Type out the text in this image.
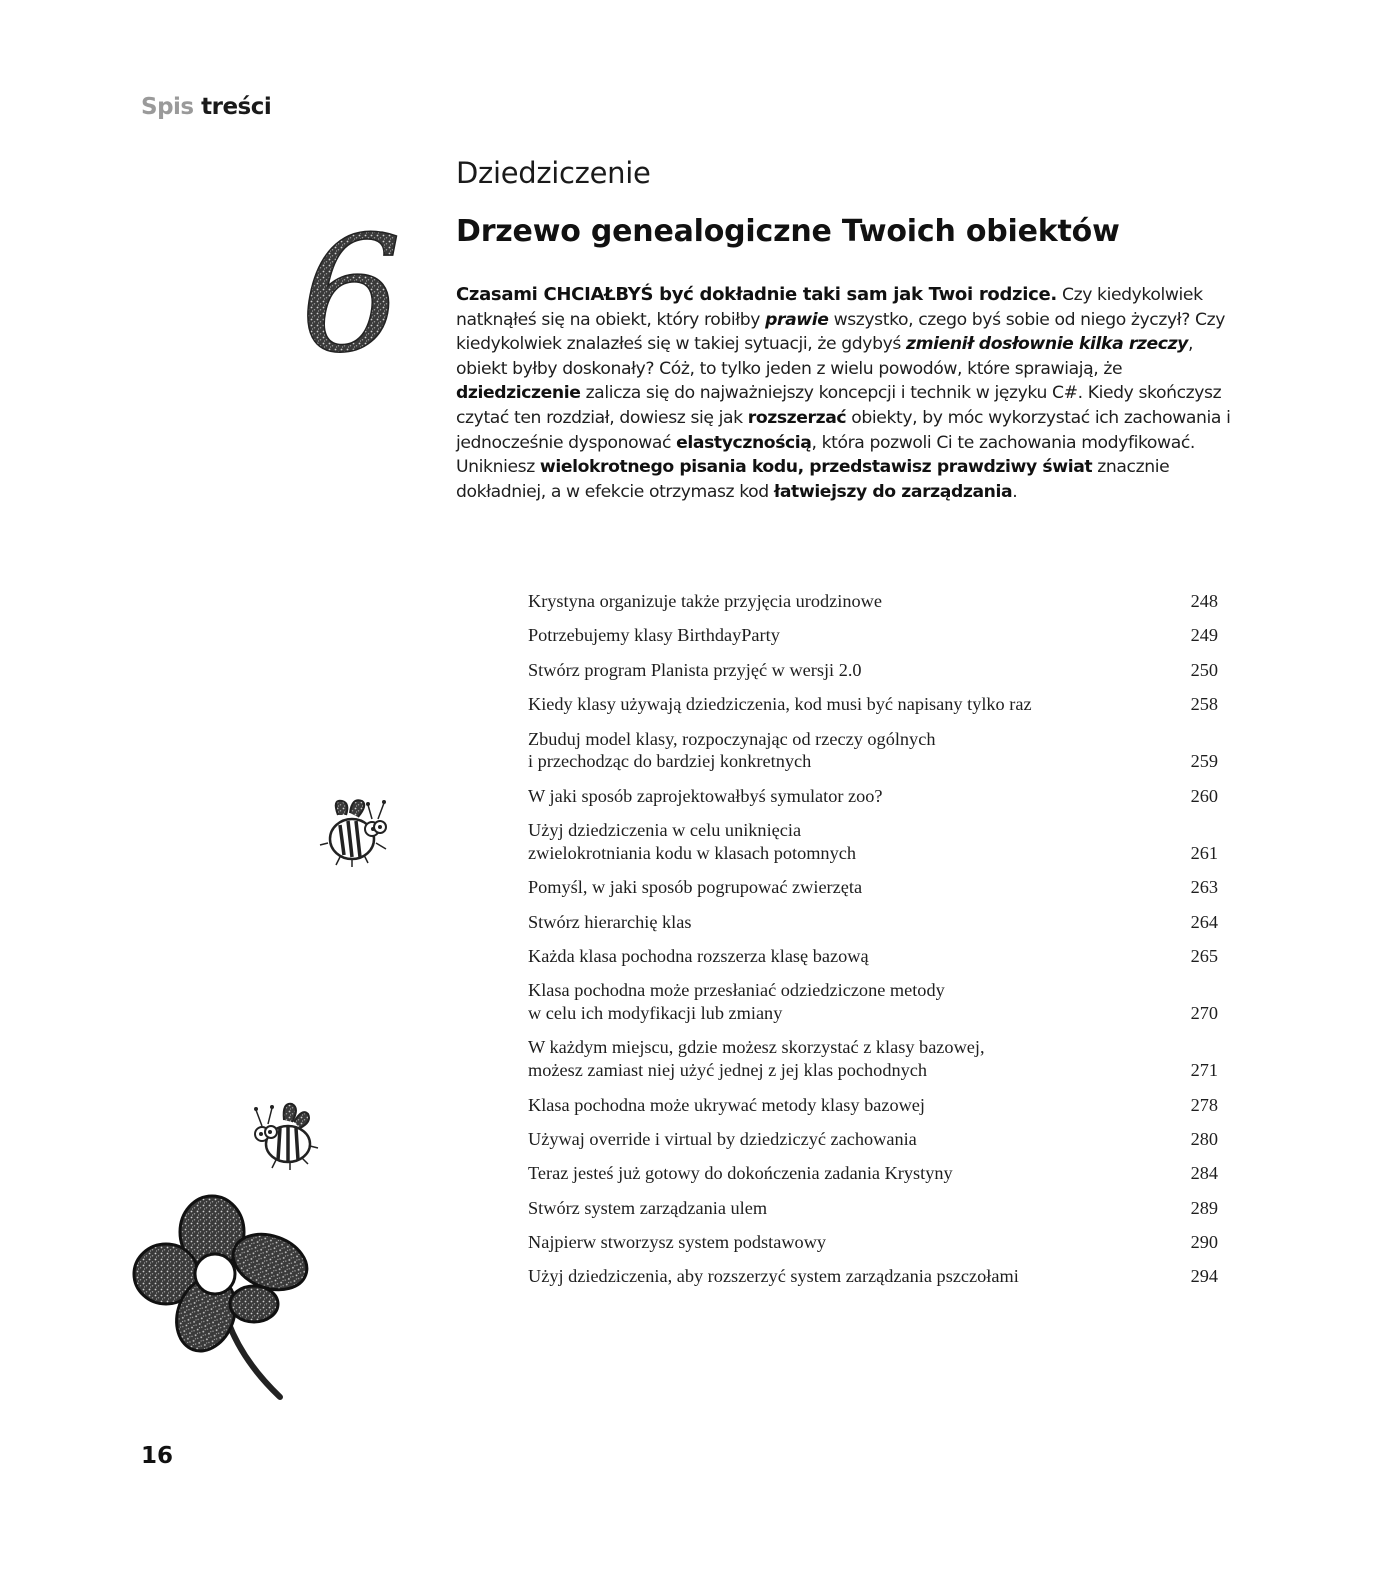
Spis treści
6
Dziedziczenie
Drzewo genealogiczne Twoich obiektów
Czasami CHCIAŁBYŚ być dokładnie taki sam jak Twoi rodzice. Czy kiedykolwiek natknąłeś się na obiekt, który robiłby prawie wszystko, czego byś sobie od niego życzył? Czy kiedykolwiek znalazłeś się w takiej sytuacji, że gdybyś zmienił dosłownie kilka rzeczy, obiekt byłby doskonały? Cóż, to tylko jeden z wielu powodów, które sprawiają, że dziedziczenie zalicza się do najważniejszy koncepcji i technik w języku C#. Kiedy skończysz czytać ten rozdział, dowiesz się jak rozszerzać obiekty, by móc wykorzystać ich zachowania i jednocześnie dysponować elastycznością, która pozwoli Ci te zachowania modyfikować. Unikniesz wielokrotnego pisania kodu, przedstawisz prawdziwy świat znacznie dokładniej, a w efekcie otrzymasz kod łatwiejszy do zarządzania.
Krystyna organizuje także przyjęcia urodzinowe	248
Potrzebujemy klasy BirthdayParty	249
Stwórz program Planista przyjęć w wersji 2.0	250
Kiedy klasy używają dziedziczenia, kod musi być napisany tylko raz	258
Zbuduj model klasy, rozpoczynając od rzeczy ogólnych
i przechodząc do bardziej konkretnych	259
W jaki sposób zaprojektowałbyś symulator zoo?	260
Użyj dziedziczenia w celu uniknięcia
zwielokrotniania kodu w klasach potomnych	261
Pomyśl, w jaki sposób pogrupować zwierzęta	263
Stwórz hierarchię klas	264
Każda klasa pochodna rozszerza klasę bazową	265
Klasa pochodna może przesłaniać odziedziczone metody
w celu ich modyfikacji lub zmiany	270
W każdym miejscu, gdzie możesz skorzystać z klasy bazowej,
możesz zamiast niej użyć jednej z jej klas pochodnych	271
Klasa pochodna może ukrywać metody klasy bazowej	278
Używaj override i virtual by dziedziczyć zachowania	280
Teraz jesteś już gotowy do dokończenia zadania Krystyny	284
Stwórz system zarządzania ulem	289
Najpierw stworzysz system podstawowy	290
Użyj dziedziczenia, aby rozszerzyć system zarządzania pszczołami	294
16
